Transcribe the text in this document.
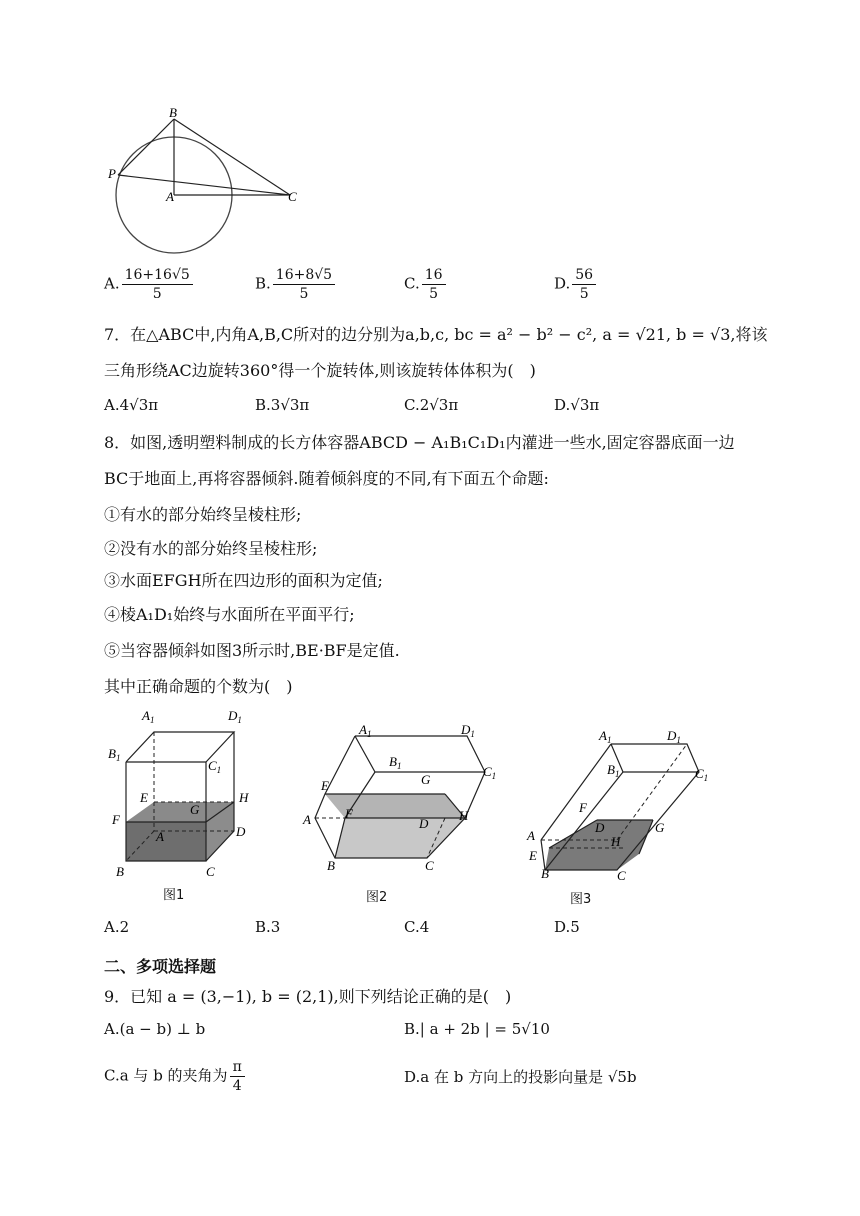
B
P
A	C
A. $\frac{16+16√5}{5}$	B. $\frac{16+8√5}{5}$	C. $\frac{16}{5}$	D. $\frac{56}{5}$
7．在△ABC中,内角A,B,C所对的边分别为a,b,c, bc = a² − b² − c², a = √21, b = √3,将该
三角形绕AC边旋转360°得一个旋转体,则该旋转体体积为(　)
A.4√3π	B.3√3π	C.2√3π	D.√3π
8．如图,透明塑料制成的长方体容器ABCD − A₁B₁C₁D₁内灌进一些水,固定容器底面一边
BC于地面上,再将容器倾斜.随着倾斜度的不同,有下面五个命题:
①有水的部分始终呈棱柱形;
②没有水的部分始终呈棱柱形;
③水面EFGH所在四边形的面积为定值;
④棱A₁D₁始终与水面所在平面平行;
⑤当容器倾斜如图3所示时,BE·BF是定值.
其中正确命题的个数为(　)
$A_1$	$D_1$
$B_1$	$C_1$
E
G
H
F
A	D
B	C
图1
$A_1$	$D_1$
$B_1$	$C_1$
G
E
F
A	D
H
B	C
图2
$A_1$	$D_1$
$B_1$	$C_1$
F
D	G
H
A
E
B	C
图3
A.2	B.3	C.4	D.5
二、多项选择题
9．已知 a = (3,−1), b = (2,1),则下列结论正确的是(　)
A.(a − b) ⊥ b	B.| a + 2b | = 5√10
C.a 与 b 的夹角为 $\frac{\pi}{4}$	D.a 在 b 方向上的投影向量是 √5b
